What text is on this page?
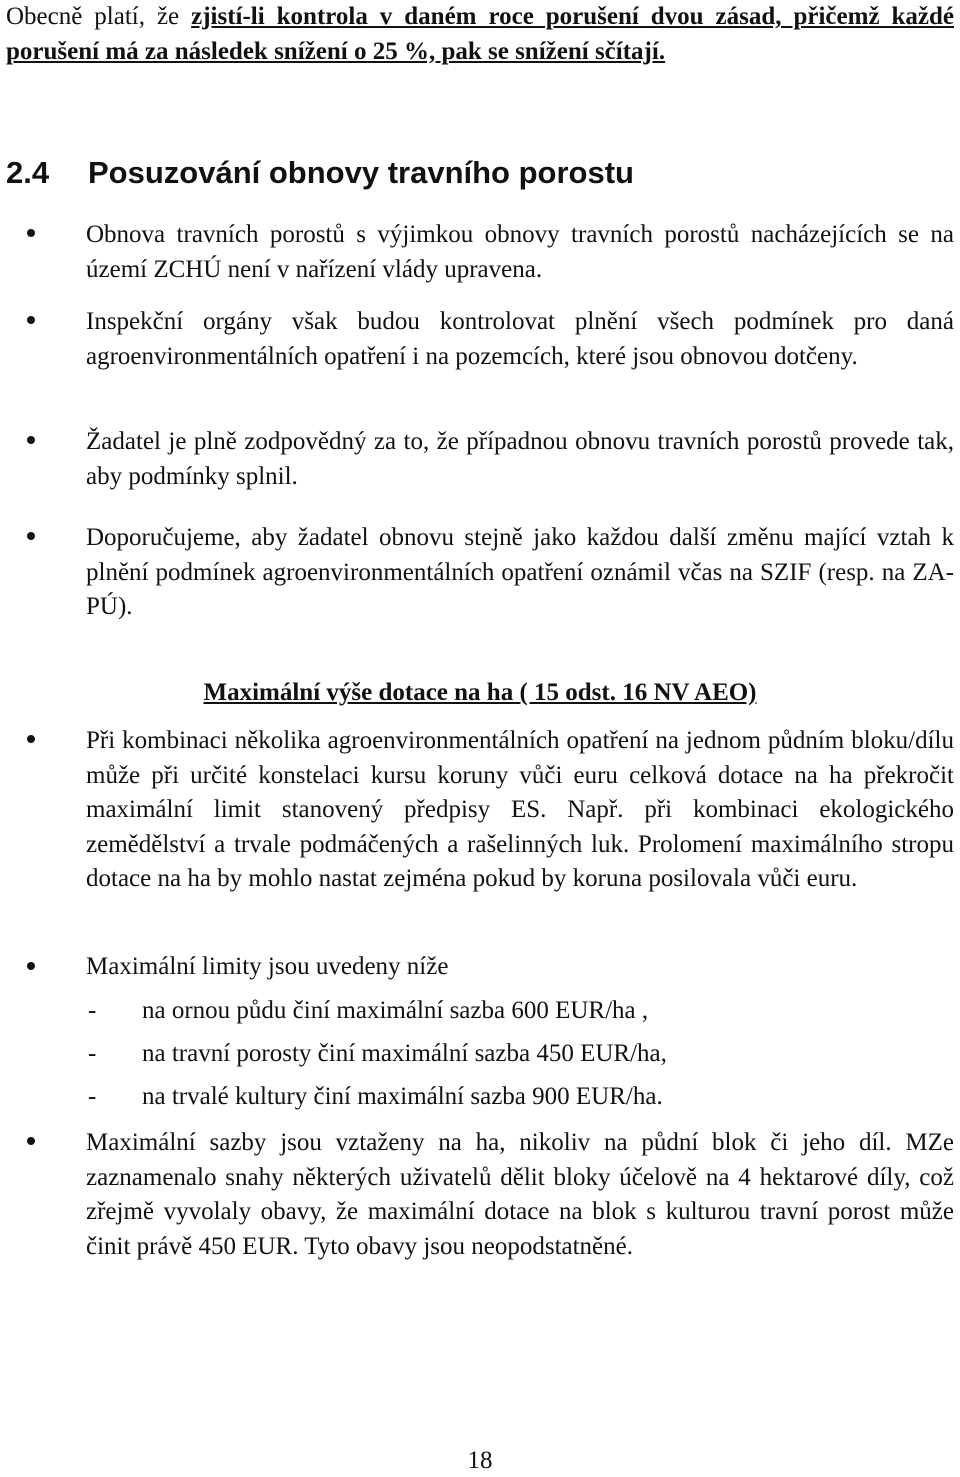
Obecně platí, že zjistí-li kontrola v daném roce porušení dvou zásad, přičemž každé porušení má za následek snížení o 25 %, pak se snížení sčítají.

2.4 Posuzování obnovy travního porostu

Obnova travních porostů s výjimkou obnovy travních porostů nacházejících se na území ZCHÚ není v nařízení vlády upravena.

Inspekční orgány však budou kontrolovat plnění všech podmínek pro daná agroenvironmentálních opatření i na pozemcích, které jsou obnovou dotčeny.

Žadatel je plně zodpovědný za to, že případnou obnovu travních porostů provede tak, aby podmínky splnil.

Doporučujeme, aby žadatel obnovu stejně jako každou další změnu mající vztah k plnění podmínek agroenvironmentálních opatření oznámil včas na SZIF (resp. na ZA-PÚ).

Maximální výše dotace na ha ( 15 odst. 16 NV AEO)

Při kombinaci několika agroenvironmentálních opatření na jednom půdním bloku/dílu může při určité konstelaci kursu koruny vůči euru celková dotace na ha překročit maximální limit stanovený předpisy ES. Např. při kombinaci ekologického zemědělství a trvale podmáčených a rašelinných luk. Prolomení maximálního stropu dotace na ha by mohlo nastat zejména pokud by koruna posilovala vůči euru.

Maximální limity jsou uvedeny níže

- na ornou půdu činí maximální sazba 600 EUR/ha ,
- na travní porosty činí maximální sazba 450 EUR/ha,
- na trvalé kultury činí maximální sazba 900 EUR/ha.

Maximální sazby jsou vztaženy na ha, nikoliv na půdní blok či jeho díl. MZe zaznamenalo snahy některých uživatelů dělit bloky účelově na 4 hektarové díly, což zřejmě vyvolaly obavy, že maximální dotace na blok s kulturou travní porost může činit právě 450 EUR. Tyto obavy jsou neopodstatněné.

18
